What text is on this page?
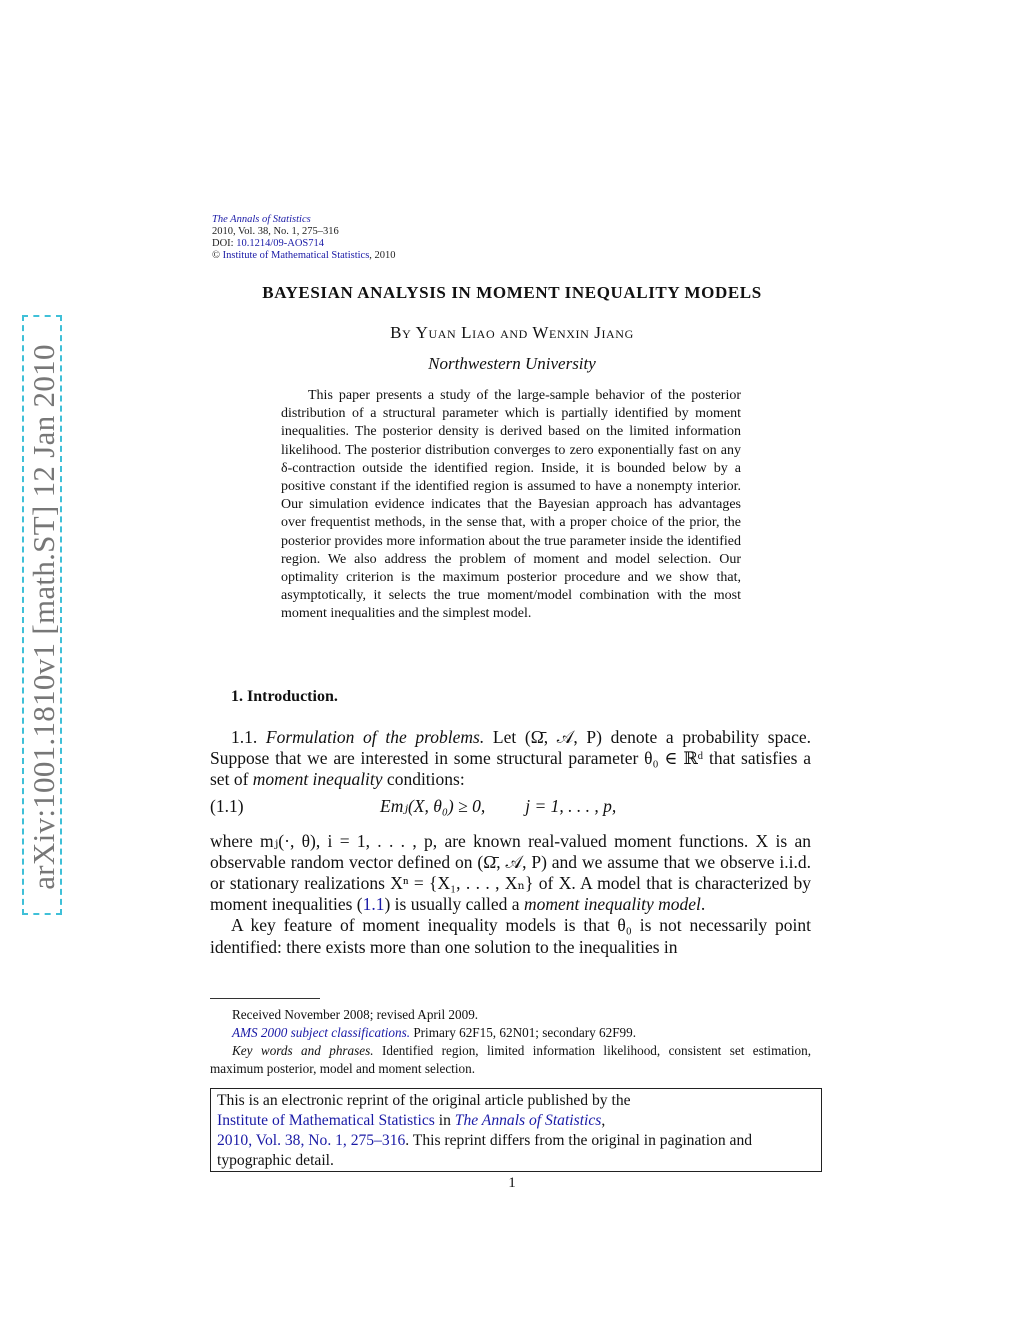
arXiv:1001.1810v1 [math.ST] 12 Jan 2010
The Annals of Statistics
2010, Vol. 38, No. 1, 275–316
DOI: 10.1214/09-AOS714
© Institute of Mathematical Statistics, 2010
BAYESIAN ANALYSIS IN MOMENT INEQUALITY MODELS
By Yuan Liao and Wenxin Jiang
Northwestern University

This paper presents a study of the large-sample behavior of the posterior distribution of a structural parameter which is partially identified by moment inequalities. The posterior density is derived based on the limited information likelihood. The posterior distribution converges to zero exponentially fast on any δ-contraction outside the identified region. Inside, it is bounded below by a positive constant if the identified region is assumed to have a nonempty interior. Our simulation evidence indicates that the Bayesian approach has advantages over frequentist methods, in the sense that, with a proper choice of the prior, the posterior provides more information about the true parameter inside the identified region. We also address the problem of moment and model selection. Our optimality criterion is the maximum posterior procedure and we show that, asymptotically, it selects the true moment/model combination with the most moment inequalities and the simplest model.

1. Introduction.

1.1. Formulation of the problems. Let (Ω̄, 𝒜, P) denote a probability space. Suppose that we are interested in some structural parameter θ₀ ∈ ℝᵈ that satisfies a set of moment inequality conditions:

(1.1)	Emⱼ(X, θ₀) ≥ 0, j = 1, . . . , p,

where mⱼ(·, θ), i = 1, . . . , p, are known real-valued moment functions. X is an observable random vector defined on (Ω̄, 𝒜, P) and we assume that we observe i.i.d. or stationary realizations Xⁿ = {X₁, . . . , Xₙ} of X. A model that is characterized by moment inequalities (1.1) is usually called a moment inequality model.

A key feature of moment inequality models is that θ₀ is not necessarily point identified: there exists more than one solution to the inequalities in

Received November 2008; revised April 2009.

AMS 2000 subject classifications. Primary 62F15, 62N01; secondary 62F99.

Key words and phrases. Identified region, limited information likelihood, consistent set estimation, maximum posterior, model and moment selection.

This is an electronic reprint of the original article published by the
Institute of Mathematical Statistics in The Annals of Statistics,
2010, Vol. 38, No. 1, 275–316. This reprint differs from the original in pagination and typographic detail.
1
